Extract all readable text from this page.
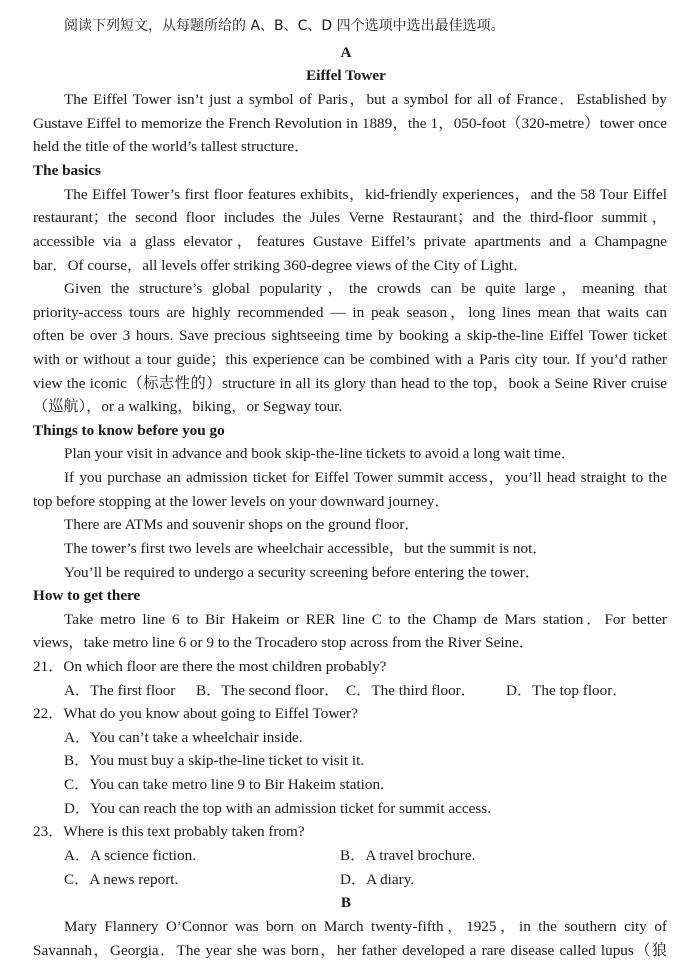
阅读下列短文，从每题所给的 A、B、C、D 四个选项中选出最佳选项。
A
Eiffel Tower
The Eiffel Tower isn’t just a symbol of Paris，but a symbol for all of France．Established by
Gustave Eiffel to memorize the French Revolution in 1889，the 1，050-foot（320-metre）tower once
held the title of the world’s tallest structure．
The basics
The Eiffel Tower’s first floor features exhibits，kid-friendly experiences，and the 58 Tour Eiffel
restaurant；the second floor includes the Jules Verne Restaurant；and the third-floor summit，
accessible via a glass elevator，features Gustave Eiffel’s private apartments and a Champagne
bar．Of course，all levels offer striking 360-degree views of the City of Light．
Given the structure’s global popularity，the crowds can be quite large，meaning that
priority-access tours are highly recommended — in peak season，long lines mean that waits can
often be over 3 hours. Save precious sightseeing time by booking a skip-the-line Eiffel Tower ticket
with or without a tour guide；this experience can be combined with a Paris city tour. If you’d rather
view the iconic（标志性的）structure in all its glory than head to the top，book a Seine River cruise
（巡航），or a walking，biking，or Segway tour.
Things to know before you go
Plan your visit in advance and book skip-the-line tickets to avoid a long wait time．
If you purchase an admission ticket for Eiffel Tower summit access，you’ll head straight to the
top before stopping at the lower levels on your downward journey．
There are ATMs and souvenir shops on the ground floor．
The tower’s first two levels are wheelchair accessible，but the summit is not．
You’ll be required to undergo a security screening before entering the tower．
How to get there
Take metro line 6 to Bir Hakeim or RER line C to the Champ de Mars station．For better
views，take metro line 6 or 9 to the Trocadero stop across from the River Seine．
21．On which floor are there the most children probably?
A．The first floor B．The second floor． C．The third floor． D．The top floor．
22．What do you know about going to Eiffel Tower?
A．You can’t take a wheelchair inside.
B．You must buy a skip-the-line ticket to visit it.
C．You can take metro line 9 to Bir Hakeim station.
D．You can reach the top with an admission ticket for summit access.
23．Where is this text probably taken from?
A．A science fiction.	B．A travel brochure.
C．A news report.	D．A diary.
B
Mary Flannery O’Connor was born on March twenty-fifth，1925，in the southern city of
Savannah，Georgia．The year she was born，her father developed a rare disease called lupus（狼
